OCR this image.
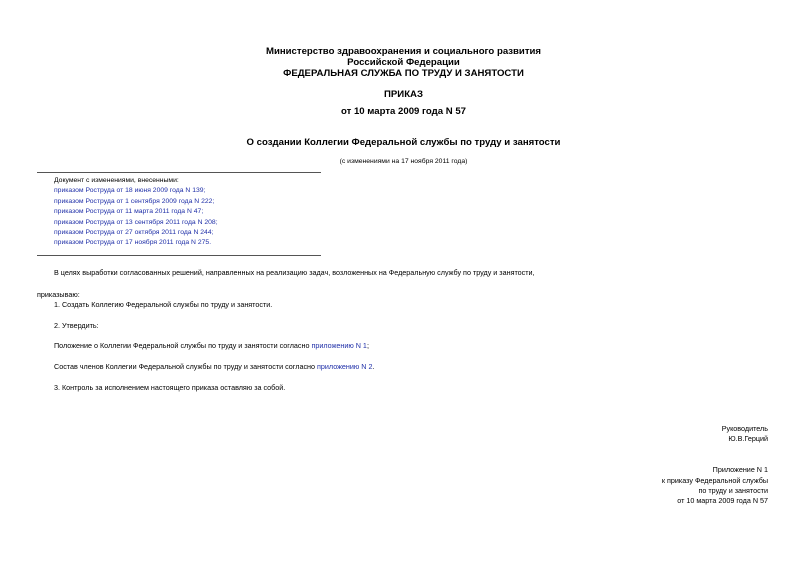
Министерство здравоохранения и социального развития
Российской Федерации
ФЕДЕРАЛЬНАЯ СЛУЖБА ПО ТРУДУ И ЗАНЯТОСТИ
ПРИКАЗ
от 10 марта 2009 года N 57
О создании Коллегии Федеральной службы по труду и занятости
(с изменениями на 17 ноября 2011 года)
Документ с изменениями, внесенными:
приказом Роструда от 18 июня 2009 года N 139;
приказом Роструда от 1 сентября 2009 года N 222;
приказом Роструда от 11 марта 2011 года N 47;
приказом Роструда от 13 сентября 2011 года N 208;
приказом Роструда от 27 октября 2011 года N 244;
приказом Роструда от 17 ноября 2011 года N 275.
В целях выработки согласованных решений, направленных на реализацию задач, возложенных на Федеральную службу по труду и занятости,
приказываю:
1. Создать Коллегию Федеральной службы по труду и занятости.
2. Утвердить:
Положение о Коллегии Федеральной службы по труду и занятости согласно приложению N 1;
Состав членов Коллегии Федеральной службы по труду и занятости согласно приложению N 2.
3. Контроль за исполнением настоящего приказа оставляю за собой.
Руководитель
Ю.В.Герций
Приложение N 1
к приказу Федеральной службы
по труду и занятости
от 10 марта 2009 года N 57
